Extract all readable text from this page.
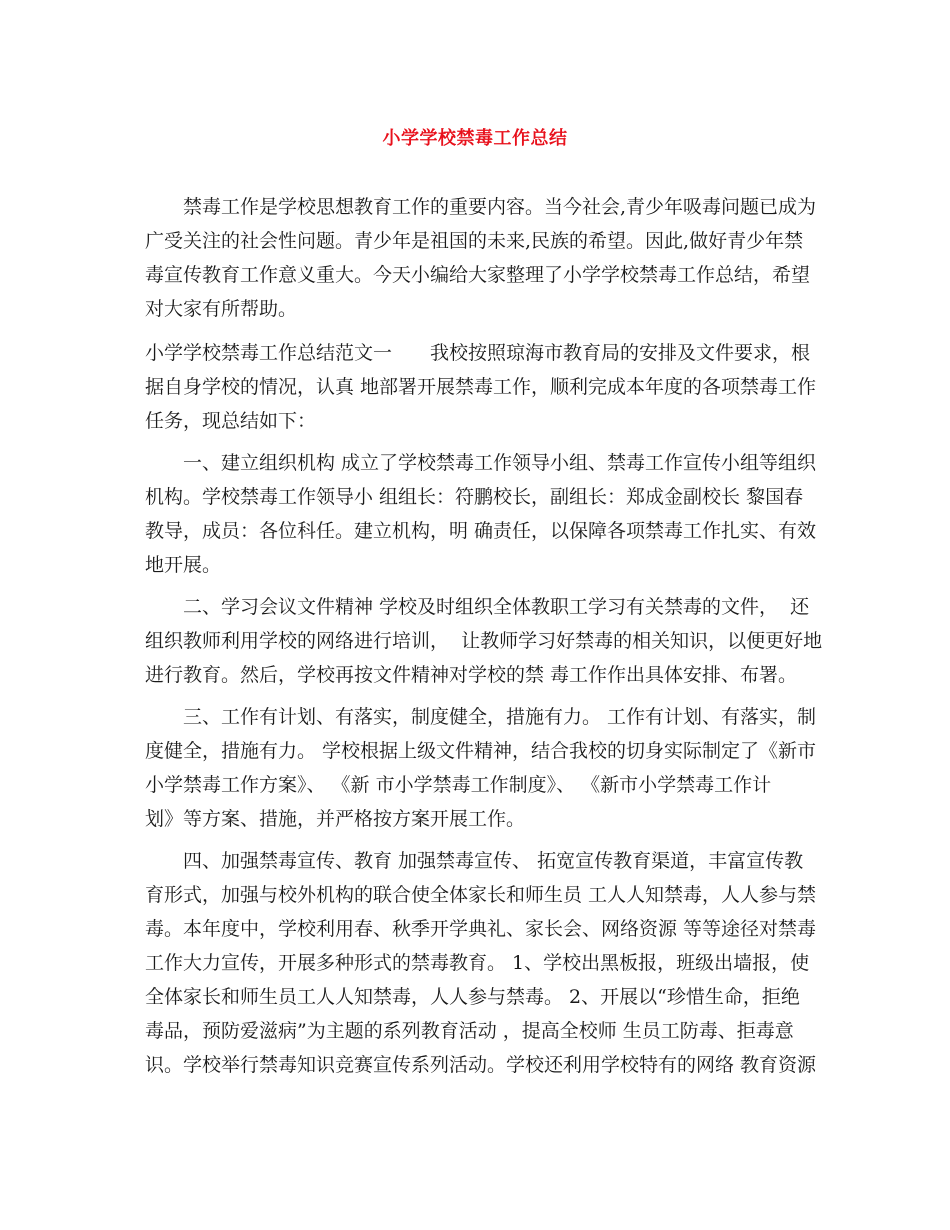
小学学校禁毒工作总结
　　禁毒工作是学校思想教育工作的重要内容。当今社会,青少年吸毒问题已成为
广受关注的社会性问题。青少年是祖国的未来,民族的希望。因此,做好青少年禁
毒宣传教育工作意义重大。今天小编给大家整理了小学学校禁毒工作总结，希望
对大家有所帮助。
小学学校禁毒工作总结范文一　　我校按照琼海市教育局的安排及文件要求，根
据自身学校的情况，认真 地部署开展禁毒工作，顺利完成本年度的各项禁毒工作
任务，现总结如下：
　　一、建立组织机构 成立了学校禁毒工作领导小组、禁毒工作宣传小组等组织
机构。学校禁毒工作领导小 组组长：符鹏校长，副组长：郑成金副校长 黎国春
教导，成员：各位科任。建立机构，明 确责任，以保障各项禁毒工作扎实、有效
地开展。
　　二、学习会议文件精神 学校及时组织全体教职工学习有关禁毒的文件，  还
组织教师利用学校的网络进行培训，  让教师学习好禁毒的相关知识，以便更好地
进行教育。然后，学校再按文件精神对学校的禁 毒工作作出具体安排、布署。
　　三、工作有计划、有落实，制度健全，措施有力。 工作有计划、有落实，制
度健全，措施有力。 学校根据上级文件精神，结合我校的切身实际制定了《新市
小学禁毒工作方案》、 《新 市小学禁毒工作制度》、 《新市小学禁毒工作计
划》等方案、措施，并严格按方案开展工作。
　　四、加强禁毒宣传、教育 加强禁毒宣传、 拓宽宣传教育渠道，丰富宣传教
育形式，加强与校外机构的联合使全体家长和师生员 工人人知禁毒，人人参与禁
毒。本年度中，学校利用春、秋季开学典礼、家长会、网络资源 等等途径对禁毒
工作大力宣传，开展多种形式的禁毒教育。 1、学校出黑板报，班级出墙报，使
全体家长和师生员工人人知禁毒，人人参与禁毒。 2、开展以“珍惜生命，拒绝
毒品，预防爱滋病”为主题的系列教育活动 ，提高全校师 生员工防毒、拒毒意
识。学校举行禁毒知识竞赛宣传系列活动。学校还利用学校特有的网络 教育资源
